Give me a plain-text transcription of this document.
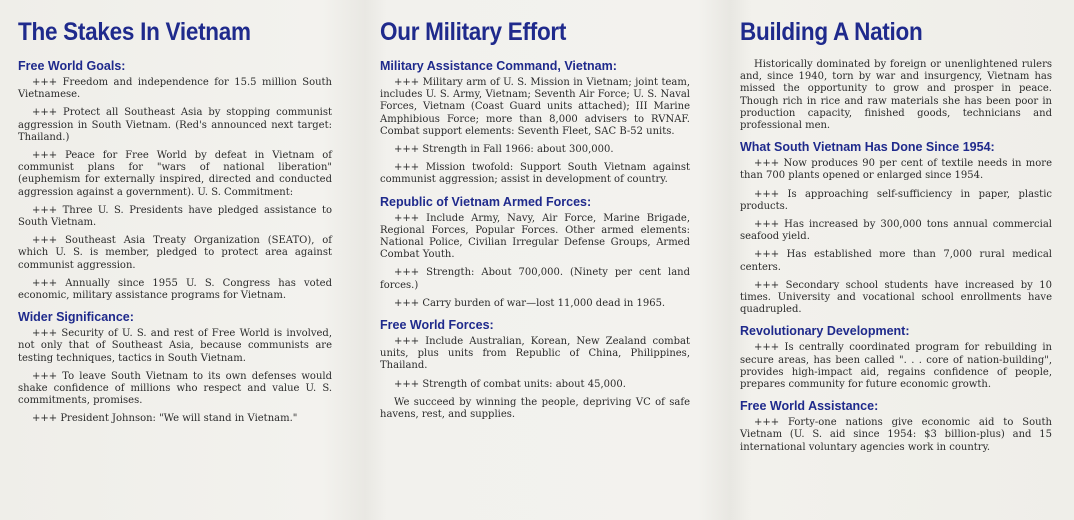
The Stakes In Vietnam
Free World Goals:

+++ Freedom and independence for 15.5 million South Vietnamese.

+++ Protect all Southeast Asia by stopping communist aggression in South Vietnam. (Red's announced next target: Thailand.)

+++ Peace for Free World by defeat in Vietnam of communist plans for "wars of national liberation" (euphemism for externally inspired, directed and conducted aggression against a government). U. S. Commitment:

+++ Three U. S. Presidents have pledged assistance to South Vietnam.

+++ Southeast Asia Treaty Organization (SEATO), of which U. S. is member, pledged to protect area against communist aggression.

+++ Annually since 1955 U. S. Congress has voted economic, military assistance programs for Vietnam.

Wider Significance:

+++ Security of U. S. and rest of Free World is involved, not only that of Southeast Asia, because communists are testing techniques, tactics in South Vietnam.

+++ To leave South Vietnam to its own defenses would shake confidence of millions who respect and value U. S. commitments, promises.

+++ President Johnson: "We will stand in Vietnam."

Our Military Effort
Military Assistance Command, Vietnam:

+++ Military arm of U. S. Mission in Vietnam; joint team, includes U. S. Army, Vietnam; Seventh Air Force; U. S. Naval Forces, Vietnam (Coast Guard units attached); III Marine Amphibious Force; more than 8,000 advisers to RVNAF. Combat support elements: Seventh Fleet, SAC B-52 units.

+++ Strength in Fall 1966: about 300,000.

+++ Mission twofold: Support South Vietnam against communist aggression; assist in development of country.

Republic of Vietnam Armed Forces:

+++ Include Army, Navy, Air Force, Marine Brigade, Regional Forces, Popular Forces. Other armed elements: National Police, Civilian Irregular Defense Groups, Armed Combat Youth.

+++ Strength: About 700,000. (Ninety per cent land forces.)

+++ Carry burden of war—lost 11,000 dead in 1965.

Free World Forces:

+++ Include Australian, Korean, New Zealand combat units, plus units from Republic of China, Philippines, Thailand.

+++ Strength of combat units: about 45,000.

We succeed by winning the people, depriving VC of safe havens, rest, and supplies.

Building A Nation

Historically dominated by foreign or unenlightened rulers and, since 1940, torn by war and insurgency, Vietnam has missed the opportunity to grow and prosper in peace. Though rich in rice and raw materials she has been poor in production capacity, finished goods, technicians and professional men.

What South Vietnam Has Done Since 1954:

+++ Now produces 90 per cent of textile needs in more than 700 plants opened or enlarged since 1954.

+++ Is approaching self-sufficiency in paper, plastic products.

+++ Has increased by 300,000 tons annual commercial seafood yield.

+++ Has established more than 7,000 rural medical centers.

+++ Secondary school students have increased by 10 times. University and vocational school enrollments have quadrupled.

Revolutionary Development:

+++ Is centrally coordinated program for rebuilding in secure areas, has been called ". . . core of nation-building", provides high-impact aid, regains confidence of people, prepares community for future economic growth.

Free World Assistance:

+++ Forty-one nations give economic aid to South Vietnam (U. S. aid since 1954: $3 billion-plus) and 15 international voluntary agencies work in country.
